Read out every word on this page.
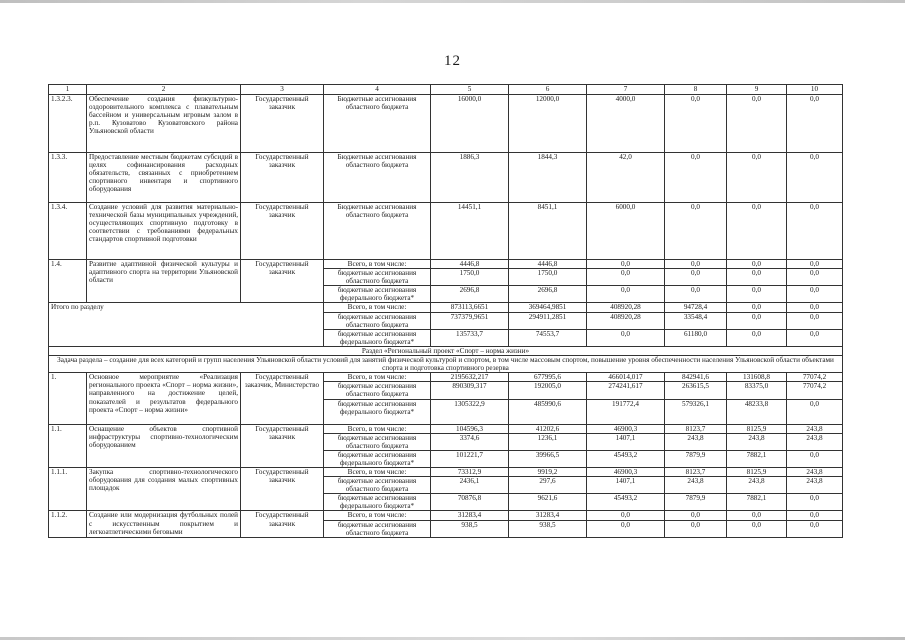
12
1	2	3	4	5	6	7	8	9	10
1.3.2.3.	Обеспечение создания физкультурно-оздоровительного комплекса с плавательным бассейном и универсальным игровым залом в р.п. Кузоватово Кузоватовского района Ульяновской области	Государственный заказчик	Бюджетные ассигнования областного бюджета	16000,0	12000,0	4000,0	0,0	0,0	0,0
1.3.3.	Предоставление местным бюджетам субсидий в целях софинансирования расходных обязательств, связанных с приобретением спортивного инвентаря и спортивного оборудования	Государственный заказчик	Бюджетные ассигнования областного бюджета	1886,3	1844,3	42,0	0,0	0,0	0,0
1.3.4.	Создание условий для развития материально-технической базы муниципальных учреждений, осуществляющих спортивную подготовку в соответствии с требованиями федеральных стандартов спортивной подготовки	Государственный заказчик	Бюджетные ассигнования областного бюджета	14451,1	8451,1	6000,0	0,0	0,0	0,0
1.4.	Развитие адаптивной физической культуры и адаптивного спорта на территории Ульяновской области	Государственный заказчик	Всего, в том числе:	4446,8	4446,8	0,0	0,0	0,0	0,0
			бюджетные ассигнования областного бюджета	1750,0	1750,0	0,0	0,0	0,0	0,0
			бюджетные ассигнования федерального бюджета*	2696,8	2696,8	0,0	0,0	0,0	0,0
Итого по разделу			Всего, в том числе:	873113,6651	369464,9851	408920,28	94728,4	0,0	0,0
			бюджетные ассигнования областного бюджета	737379,9651	294911,2851	408920,28	33548,4	0,0	0,0
			бюджетные ассигнования федерального бюджета*	135733,7	74553,7	0,0	61180,0	0,0	0,0
Раздел «Региональный проект «Спорт – норма жизни»									
Задача раздела – создание для всех категорий и групп населения Ульяновской области условий для занятий физической культурой и спортом, в том числе массовым спортом, повышение уровня обеспеченности населения Ульяновской области объектами спорта и подготовка спортивного резерва									
1.	Основное мероприятие «Реализация регионального проекта «Спорт – норма жизни», направленного на достижение целей, показателей и результатов федерального проекта «Спорт – норма жизни»	Государственный заказчик, Министерство	Всего, в том числе:	2195632,217	677995,6	466014,017	842941,6	131608,8	77074,2
			бюджетные ассигнования областного бюджета	890309,317	192005,0	274241,617	263615,5	83375,0	77074,2
			бюджетные ассигнования федерального бюджета*	1305322,9	485990,6	191772,4	579326,1	48233,8	0,0
1.1.	Оснащение объектов спортивной инфраструктуры спортивно-технологическим оборудованием	Государственный заказчик	Всего, в том числе:	104596,3	41202,6	46900,3	8123,7	8125,9	243,8
			бюджетные ассигнования областного бюджета	3374,6	1236,1	1407,1	243,8	243,8	243,8
			бюджетные ассигнования федерального бюджета*	101221,7	39966,5	45493,2	7879,9	7882,1	0,0
1.1.1.	Закупка спортивно-технологического оборудования для создания малых спортивных площадок	Государственный заказчик	Всего, в том числе:	73312,9	9919,2	46900,3	8123,7	8125,9	243,8
			бюджетные ассигнования областного бюджета	2436,1	297,6	1407,1	243,8	243,8	243,8
			бюджетные ассигнования федерального бюджета*	70876,8	9621,6	45493,2	7879,9	7882,1	0,0
1.1.2.	Создание или модернизация футбольных полей с искусственным покрытием и легкоатлетическими беговыми	Государственный заказчик	Всего, в том числе:	31283,4	31283,4	0,0	0,0	0,0	0,0
			бюджетные ассигнования областного бюджета	938,5	938,5	0,0	0,0	0,0	0,0
